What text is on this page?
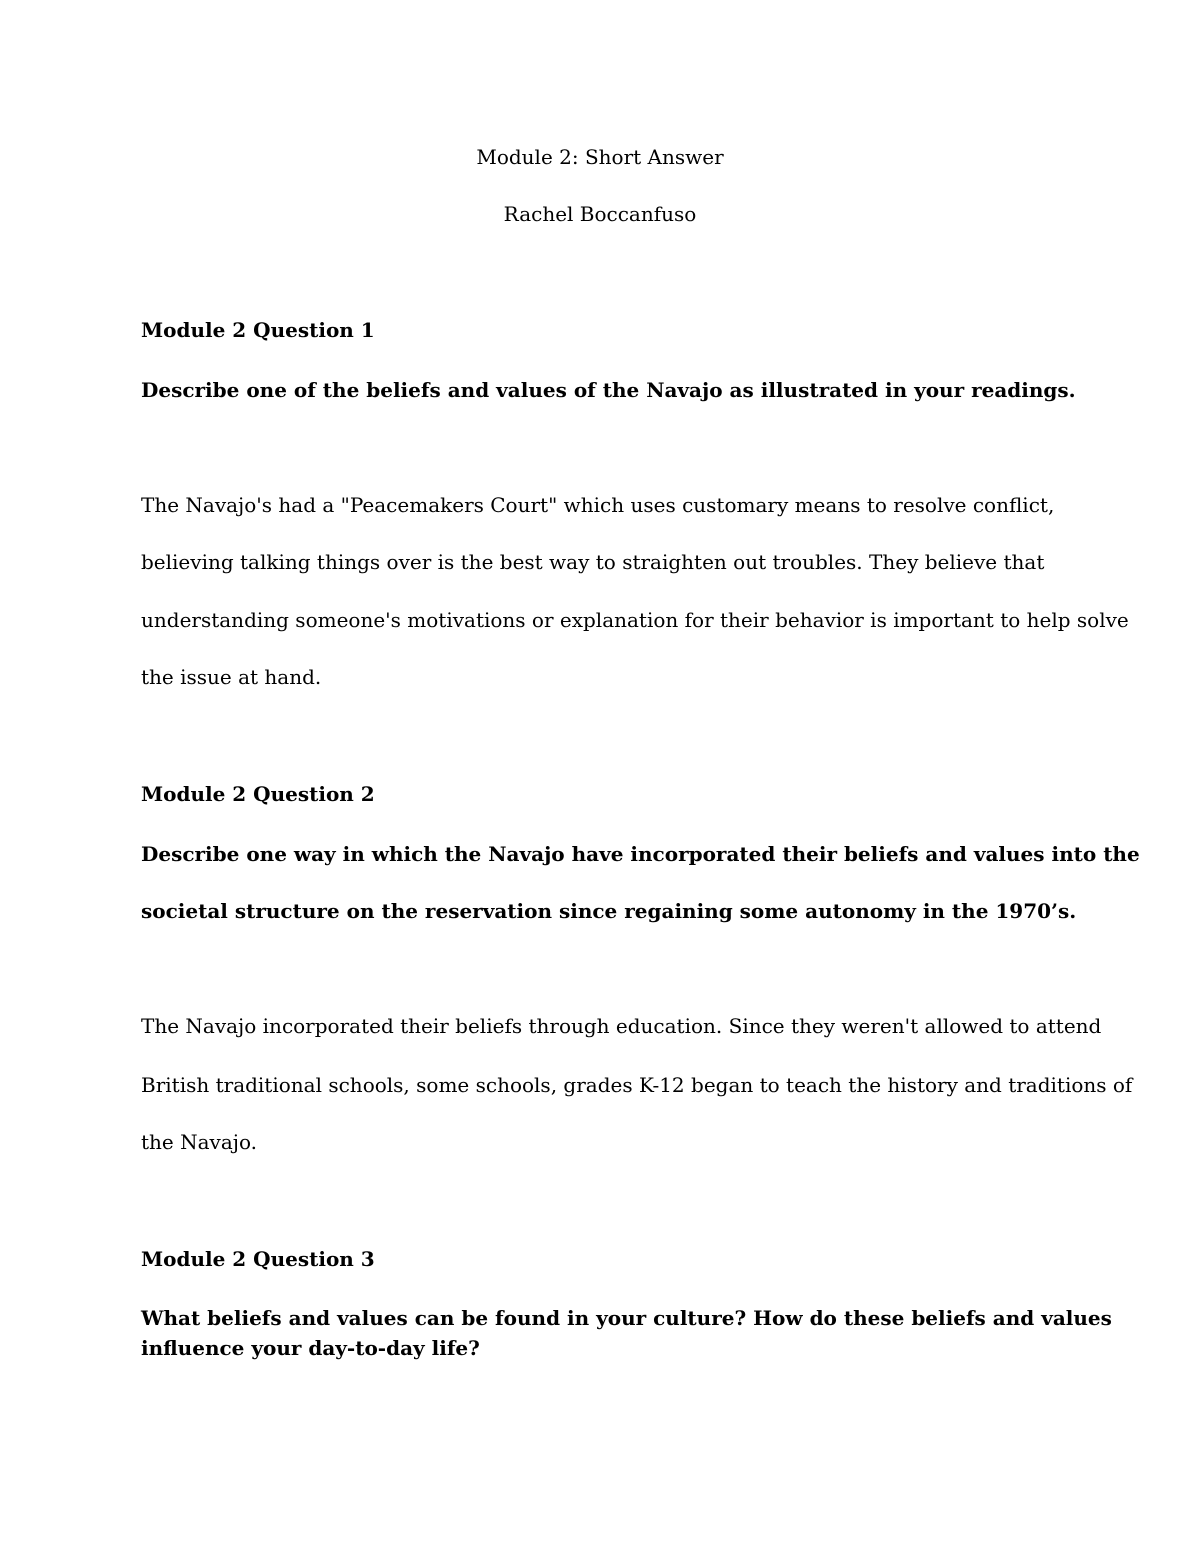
Module 2: Short Answer
Rachel Boccanfuso
Module 2 Question 1
Describe one of the beliefs and values of the Navajo as illustrated in your readings.
The Navajo's had a "Peacemakers Court" which uses customary means to resolve conflict,
believing talking things over is the best way to straighten out troubles. They believe that
understanding someone's motivations or explanation for their behavior is important to help solve
the issue at hand.
Module 2 Question 2
Describe one way in which the Navajo have incorporated their beliefs and values into the
societal structure on the reservation since regaining some autonomy in the 1970’s.
The Navajo incorporated their beliefs through education. Since they weren't allowed to attend
British traditional schools, some schools, grades K-12 began to teach the history and traditions of
the Navajo.
Module 2 Question 3
What beliefs and values can be found in your culture? How do these beliefs and values
influence your day-to-day life?
